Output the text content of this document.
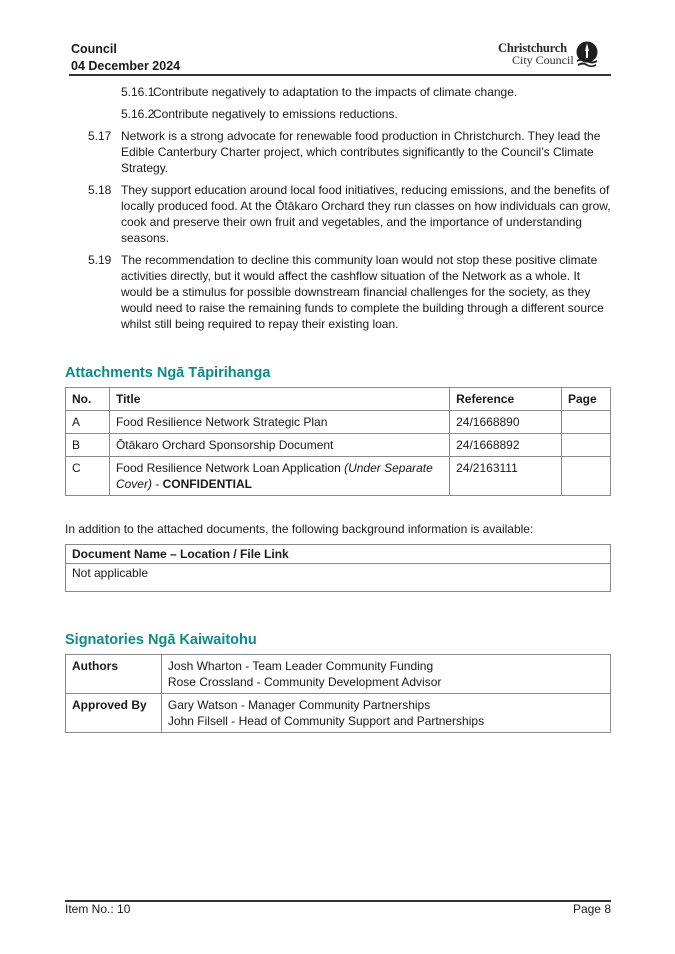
Council
04 December 2024
Christchurch
City Council
5.16.1Contribute negatively to adaptation to the impacts of climate change.
5.16.2Contribute negatively to emissions reductions.
5.17 Network is a strong advocate for renewable food production in Christchurch. They lead the Edible Canterbury Charter project, which contributes significantly to the Council’s Climate Strategy.
5.18 They support education around local food initiatives, reducing emissions, and the benefits of locally produced food. At the Ōtākaro Orchard they run classes on how individuals can grow, cook and preserve their own fruit and vegetables, and the importance of understanding seasons.
5.19 The recommendation to decline this community loan would not stop these positive climate activities directly, but it would affect the cashflow situation of the Network as a whole. It would be a stimulus for possible downstream financial challenges for the society, as they would need to raise the remaining funds to complete the building through a different source whilst still being required to repay their existing loan.
Attachments Ngā Tāpirihanga
No.	Title	Reference	Page
A	Food Resilience Network Strategic Plan	24/1668890	
B	Ōtākaro Orchard Sponsorship Document	24/1668892	
C	Food Resilience Network Loan Application (Under Separate Cover) - CONFIDENTIAL	24/2163111	
In addition to the attached documents, the following background information is available:
Document Name – Location / File Link
Not applicable
Signatories Ngā Kaiwaitohu
Authors	Josh Wharton - Team Leader Community Funding
Rose Crossland - Community Development Advisor

Approved By	Gary Watson - Manager Community Partnerships
John Filsell - Head of Community Support and Partnerships
Item No.: 10	Page 8
